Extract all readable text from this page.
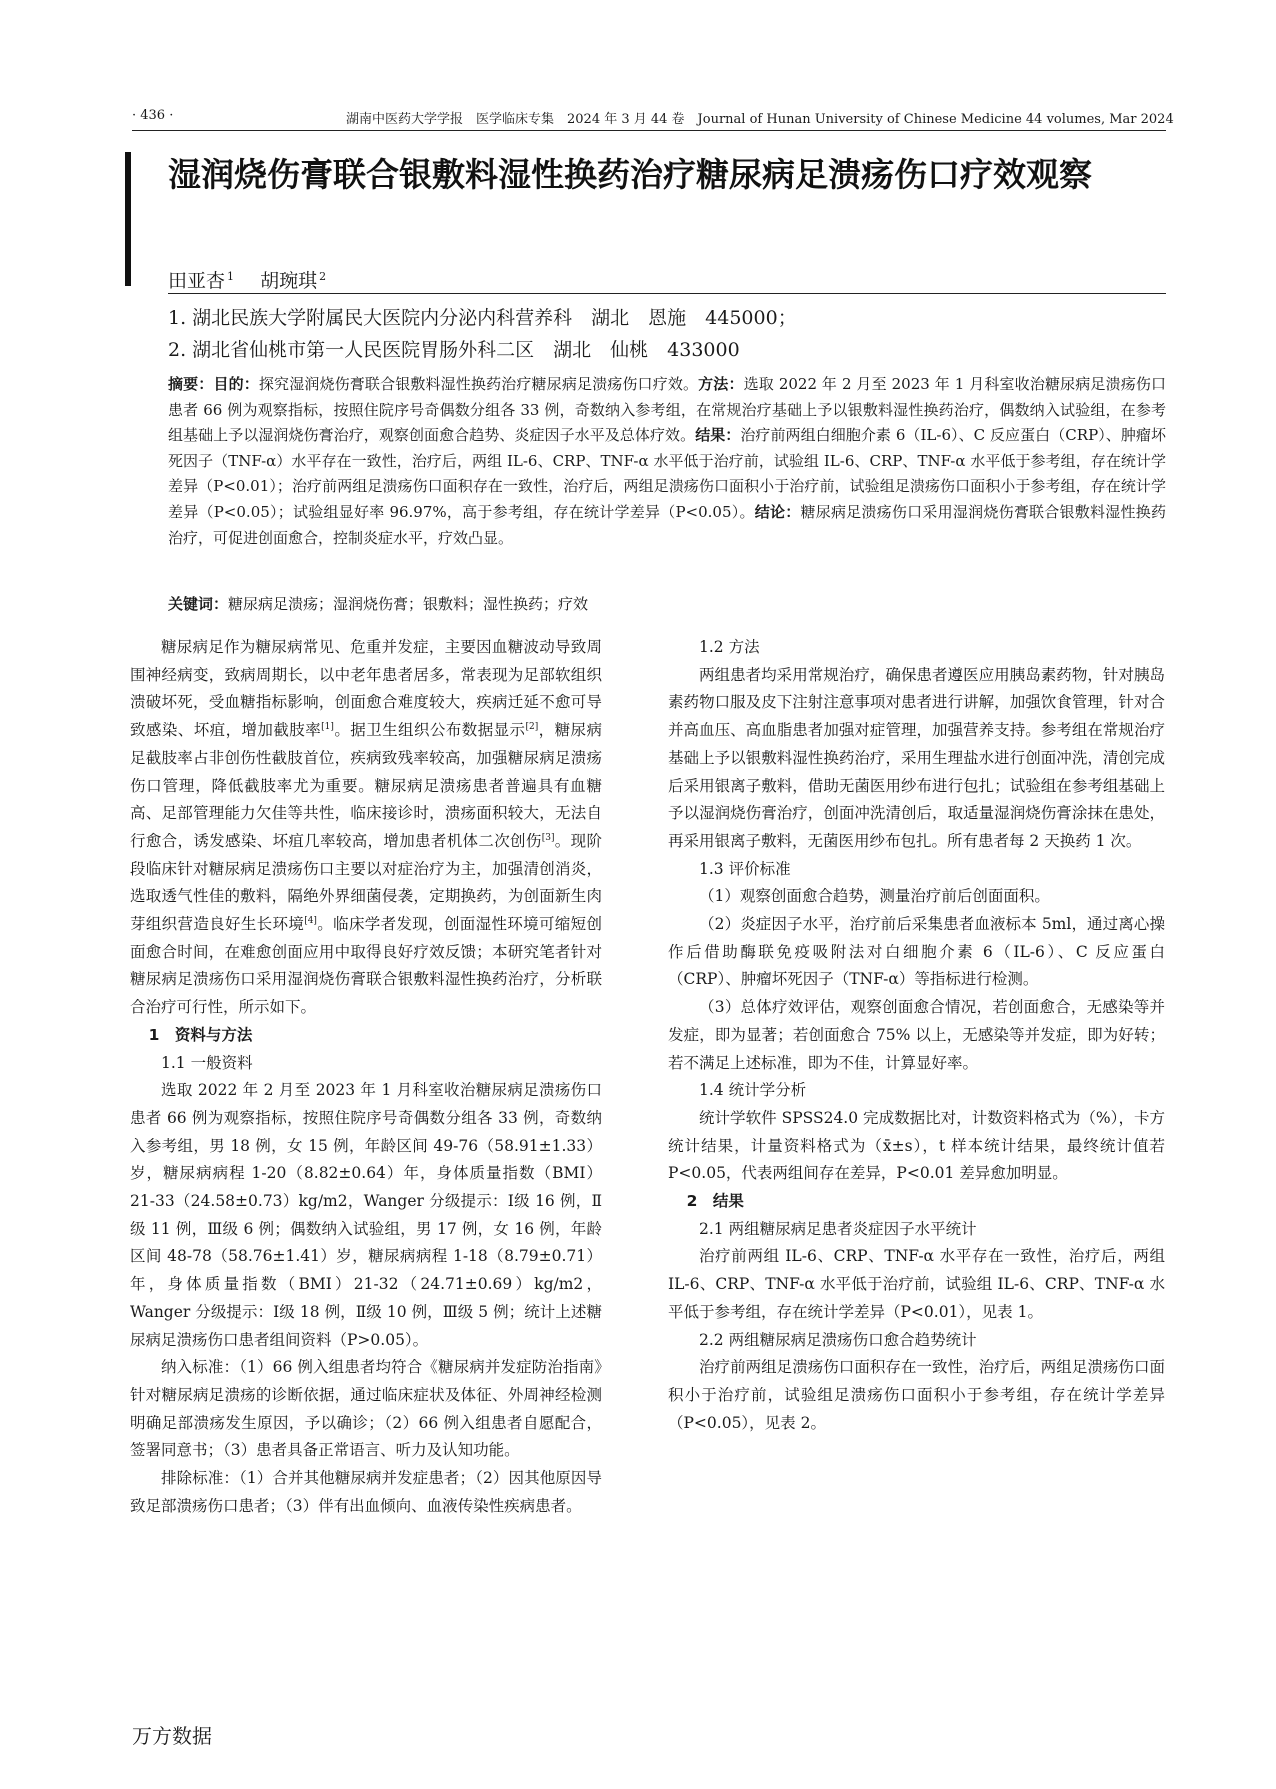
· 436 ·	湖南中医药大学学报　医学临床专集　2024 年 3 月 44 卷　Journal of Hunan University of Chinese Medicine 44 volumes, Mar 2024
湿润烧伤膏联合银敷料湿性换药治疗糖尿病足溃疡伤口疗效观察
田亚杏 $^1$ 胡琬琪 $^2$
1. 湖北民族大学附属民大医院内分泌内科营养科　湖北　恩施　445000；
2. 湖北省仙桃市第一人民医院胃肠外科二区　湖北　仙桃　433000
摘要：目的：探究湿润烧伤膏联合银敷料湿性换药治疗糖尿病足溃疡伤口疗效。方法：选取 2022 年 2 月至 2023 年 1 月科室收治糖尿病足溃疡伤口患者 66 例为观察指标，按照住院序号奇偶数分组各 33 例，奇数纳入参考组，在常规治疗基础上予以银敷料湿性换药治疗，偶数纳入试验组，在参考组基础上予以湿润烧伤膏治疗，观察创面愈合趋势、炎症因子水平及总体疗效。结果：治疗前两组白细胞介素 6（IL-6）、C 反应蛋白（CRP）、肿瘤坏死因子（TNF-α）水平存在一致性，治疗后，两组 IL-6、CRP、TNF-α 水平低于治疗前，试验组 IL-6、CRP、TNF-α 水平低于参考组，存在统计学差异（P<0.01）；治疗前两组足溃疡伤口面积存在一致性，治疗后，两组足溃疡伤口面积小于治疗前，试验组足溃疡伤口面积小于参考组，存在统计学差异（P<0.05）；试验组显好率 96.97%，高于参考组，存在统计学差异（P<0.05）。结论：糖尿病足溃疡伤口采用湿润烧伤膏联合银敷料湿性换药治疗，可促进创面愈合，控制炎症水平，疗效凸显。
关键词：糖尿病足溃疡；湿润烧伤膏；银敷料；湿性换药；疗效

糖尿病足作为糖尿病常见、危重并发症，主要因血糖波动导致周围神经病变，致病周期长，以中老年患者居多，常表现为足部软组织溃破坏死，受血糖指标影响，创面愈合难度较大，疾病迁延不愈可导致感染、坏疽，增加截肢率[1]。据卫生组织公布数据显示[2]，糖尿病足截肢率占非创伤性截肢首位，疾病致残率较高，加强糖尿病足溃疡伤口管理，降低截肢率尤为重要。糖尿病足溃疡患者普遍具有血糖高、足部管理能力欠佳等共性，临床接诊时，溃疡面积较大，无法自行愈合，诱发感染、坏疽几率较高，增加患者机体二次创伤[3]。现阶段临床针对糖尿病足溃疡伤口主要以对症治疗为主，加强清创消炎，选取透气性佳的敷料，隔绝外界细菌侵袭，定期换药，为创面新生肉芽组织营造良好生长环境[4]。临床学者发现，创面湿性环境可缩短创面愈合时间，在难愈创面应用中取得良好疗效反馈；本研究笔者针对糖尿病足溃疡伤口采用湿润烧伤膏联合银敷料湿性换药治疗，分析联合治疗可行性，所示如下。

1　资料与方法

1.1 一般资料

选取 2022 年 2 月至 2023 年 1 月科室收治糖尿病足溃疡伤口患者 66 例为观察指标，按照住院序号奇偶数分组各 33 例，奇数纳入参考组，男 18 例，女 15 例，年龄区间 49-76（58.91±1.33）岁，糖尿病病程 1-20（8.82±0.64）年，身体质量指数（BMI）21-33（24.58±0.73）kg/m2，Wanger 分级提示：Ⅰ级 16 例，Ⅱ级 11 例，Ⅲ级 6 例；偶数纳入试验组，男 17 例，女 16 例，年龄区间 48-78（58.76±1.41）岁，糖尿病病程 1-18（8.79±0.71）年，身体质量指数（BMI）21-32（24.71±0.69）kg/m2，Wanger 分级提示：Ⅰ级 18 例，Ⅱ级 10 例，Ⅲ级 5 例；统计上述糖尿病足溃疡伤口患者组间资料（P>0.05）。

纳入标准：（1）66 例入组患者均符合《糖尿病并发症防治指南》针对糖尿病足溃疡的诊断依据，通过临床症状及体征、外周神经检测明确足部溃疡发生原因，予以确诊；（2）66 例入组患者自愿配合，签署同意书；（3）患者具备正常语言、听力及认知功能。

排除标准：（1）合并其他糖尿病并发症患者；（2）因其他原因导致足部溃疡伤口患者；（3）伴有出血倾向、血液传染性疾病患者。

1.2 方法

两组患者均采用常规治疗，确保患者遵医应用胰岛素药物，针对胰岛素药物口服及皮下注射注意事项对患者进行讲解，加强饮食管理，针对合并高血压、高血脂患者加强对症管理，加强营养支持。参考组在常规治疗基础上予以银敷料湿性换药治疗，采用生理盐水进行创面冲洗，清创完成后采用银离子敷料，借助无菌医用纱布进行包扎；试验组在参考组基础上予以湿润烧伤膏治疗，创面冲洗清创后，取适量湿润烧伤膏涂抹在患处，再采用银离子敷料，无菌医用纱布包扎。所有患者每 2 天换药 1 次。

1.3 评价标准

（1）观察创面愈合趋势，测量治疗前后创面面积。

（2）炎症因子水平，治疗前后采集患者血液标本 5ml，通过离心操作后借助酶联免疫吸附法对白细胞介素 6（IL-6）、C 反应蛋白（CRP）、肿瘤坏死因子（TNF-α）等指标进行检测。

（3）总体疗效评估，观察创面愈合情况，若创面愈合，无感染等并发症，即为显著；若创面愈合 75% 以上，无感染等并发症，即为好转；若不满足上述标准，即为不佳，计算显好率。

1.4 统计学分析

统计学软件 SPSS24.0 完成数据比对，计数资料格式为（%），卡方统计结果，计量资料格式为（x̄±s），t 样本统计结果，最终统计值若 P<0.05，代表两组间存在差异，P<0.01 差异愈加明显。

2　结果

2.1 两组糖尿病足患者炎症因子水平统计

治疗前两组 IL-6、CRP、TNF-α 水平存在一致性，治疗后，两组 IL-6、CRP、TNF-α 水平低于治疗前，试验组 IL-6、CRP、TNF-α 水平低于参考组，存在统计学差异（P<0.01），见表 1。

2.2 两组糖尿病足溃疡伤口愈合趋势统计

治疗前两组足溃疡伤口面积存在一致性，治疗后，两组足溃疡伤口面积小于治疗前，试验组足溃疡伤口面积小于参考组，存在统计学差异（P<0.05），见表 2。

万方数据
